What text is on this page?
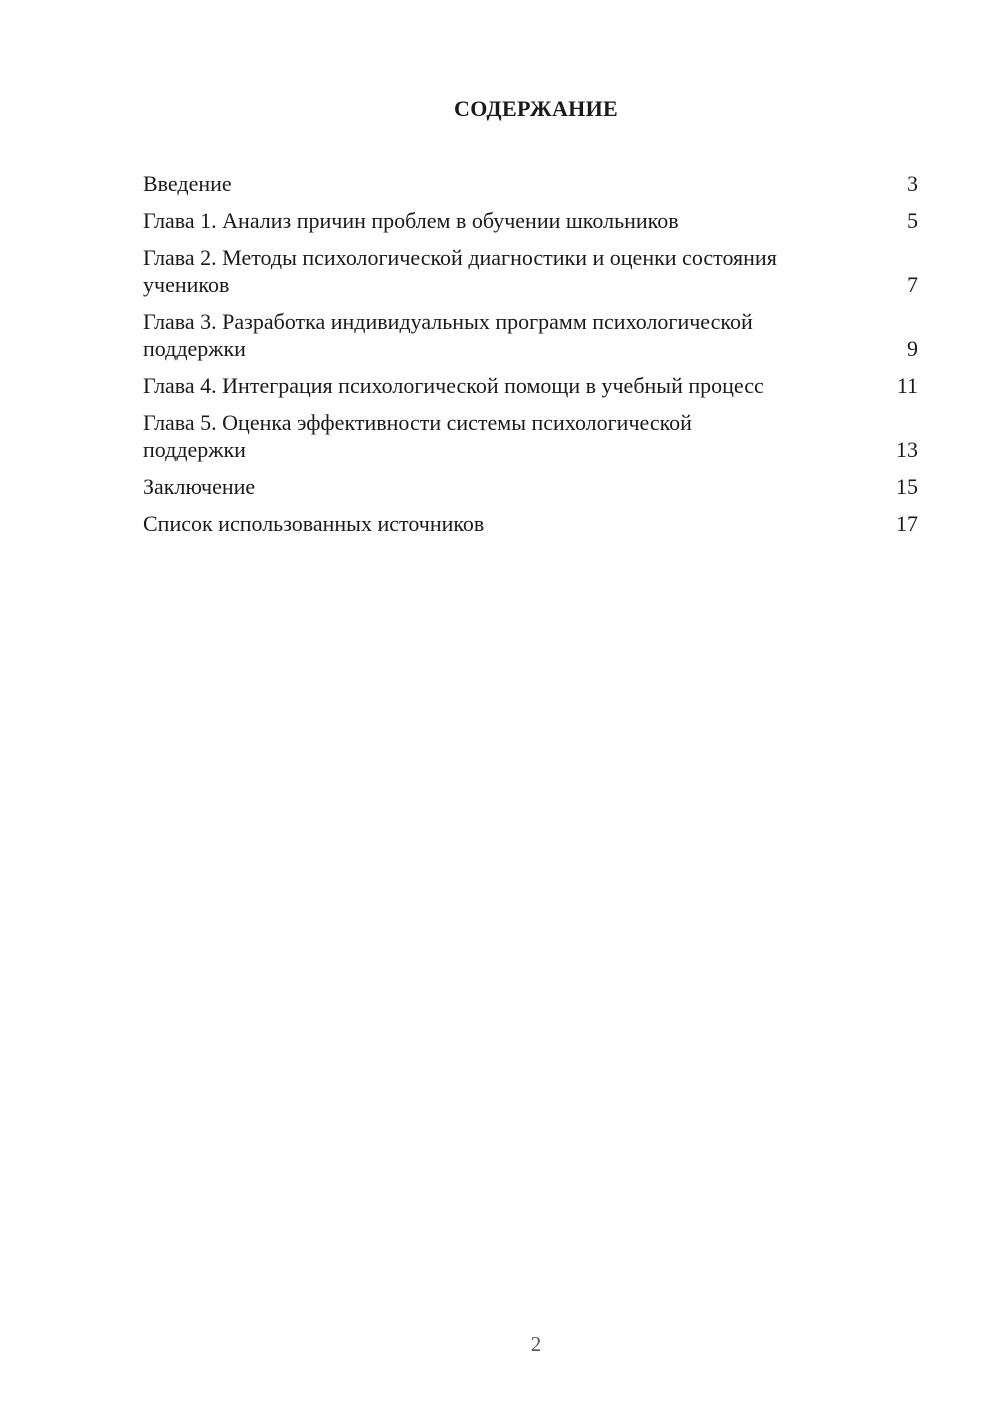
СОДЕРЖАНИЕ
Введение	3
Глава 1. Анализ причин проблем в обучении школьников	5
Глава 2. Методы психологической диагностики и оценки состояния учеников	7
Глава 3. Разработка индивидуальных программ психологической поддержки	9
Глава 4. Интеграция психологической помощи в учебный процесс	11
Глава 5. Оценка эффективности системы психологической поддержки	13
Заключение	15
Список использованных источников	17
2
